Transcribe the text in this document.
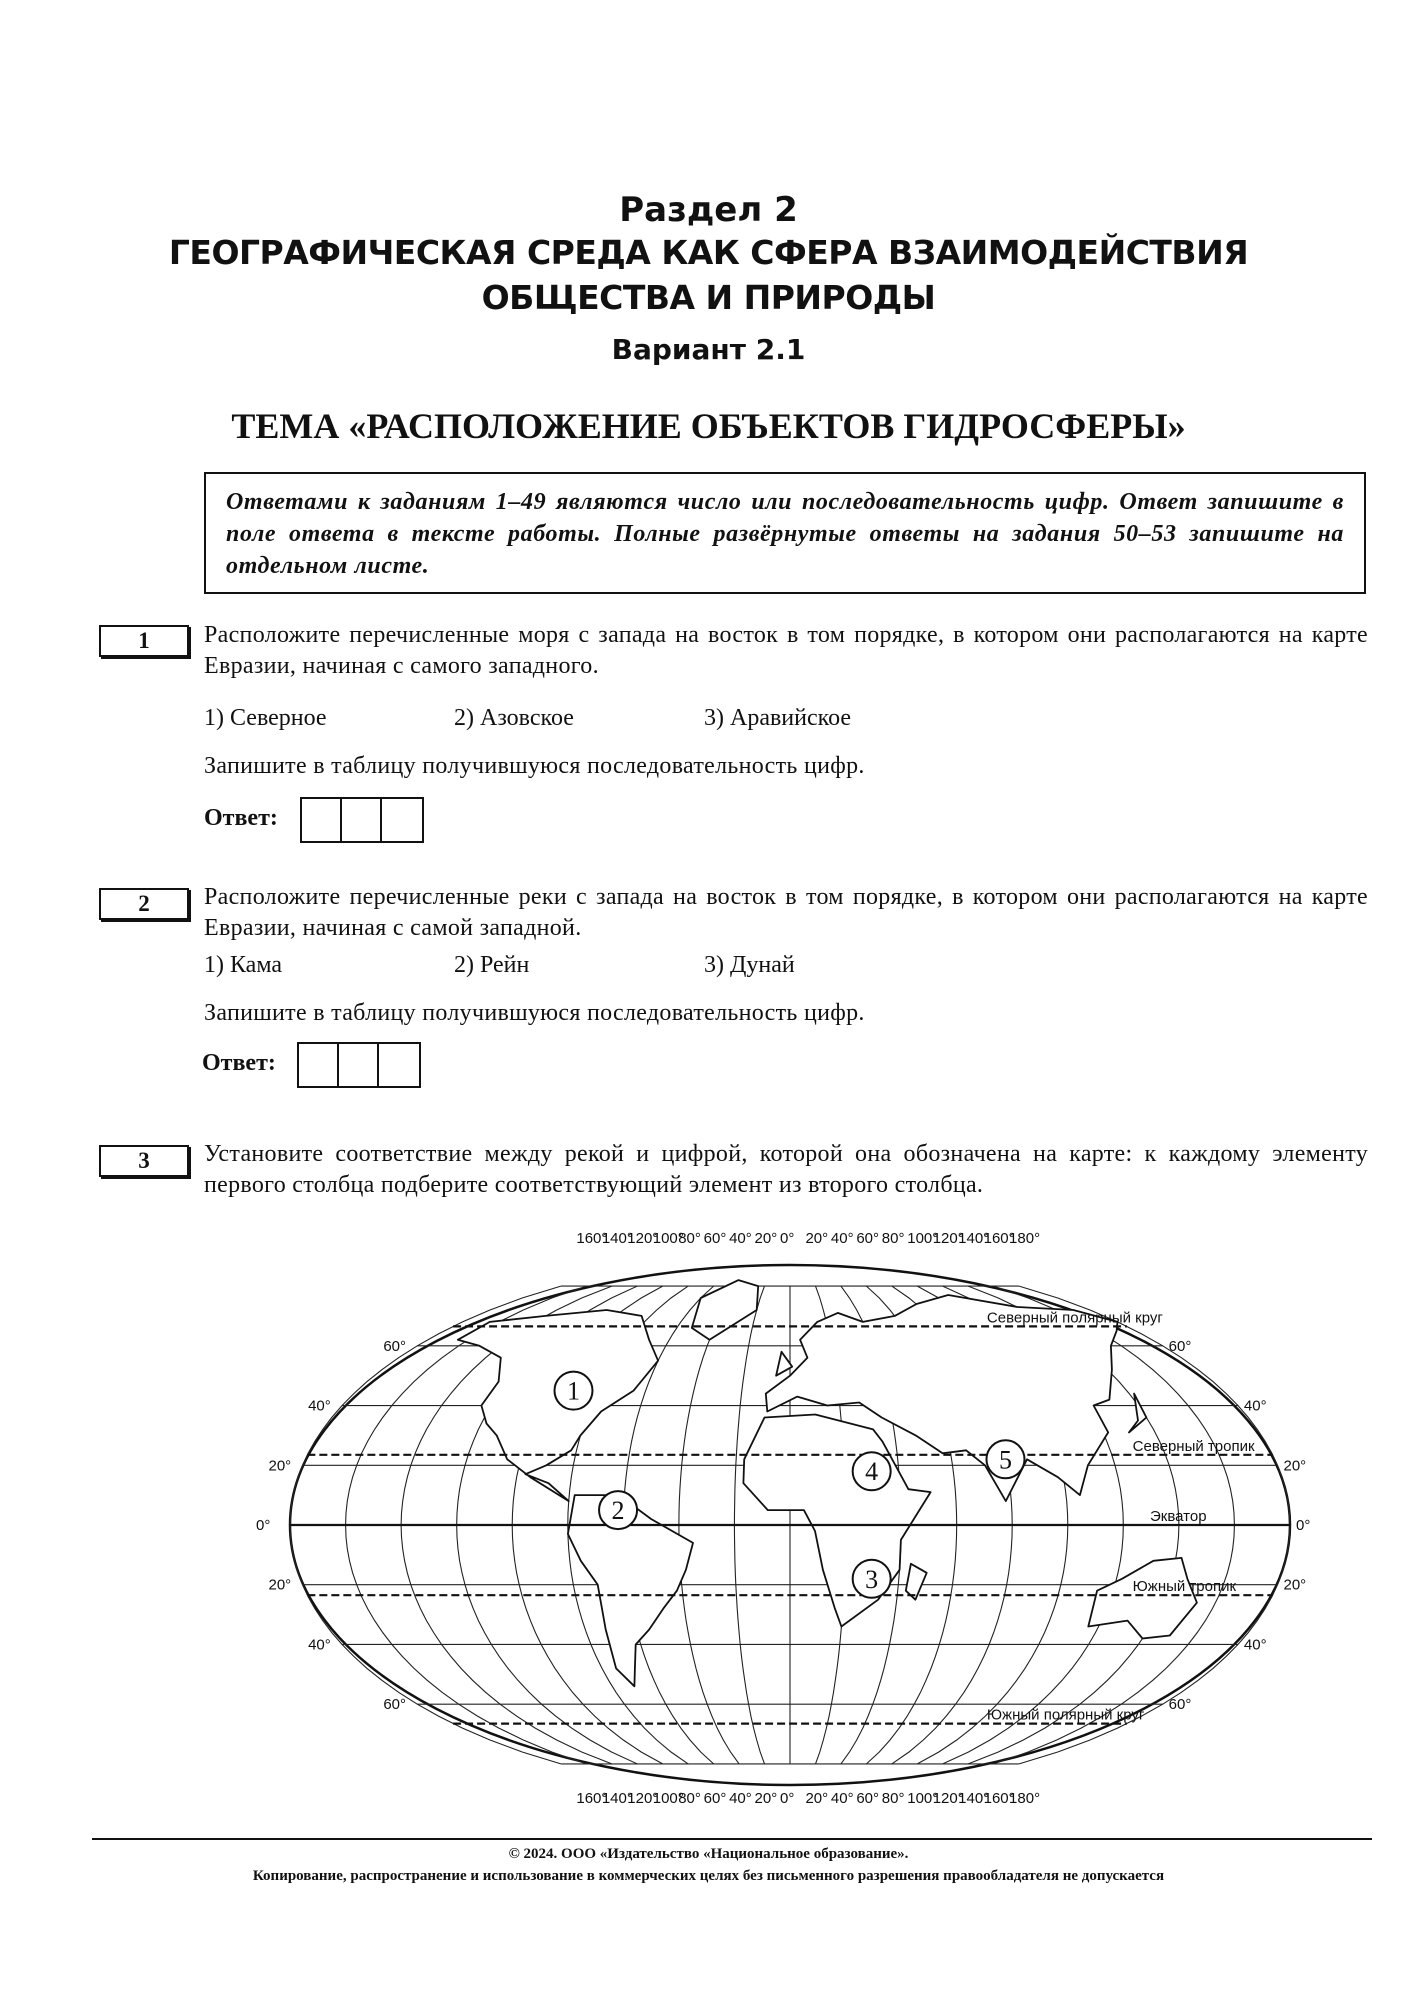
Раздел 2
ГЕОГРАФИЧЕСКАЯ СРЕДА КАК СФЕРА ВЗАИМОДЕЙСТВИЯ
ОБЩЕСТВА И ПРИРОДЫ
Вариант 2.1
ТЕМА «РАСПОЛОЖЕНИЕ ОБЪЕКТОВ ГИДРОСФЕРЫ»
Ответами к заданиям 1–49 являются число или последовательность цифр. Ответ запишите в поле ответа в тексте работы. Полные развёрнутые ответы на задания 50–53 запишите на отдельном листе.
1	Расположите перечисленные моря с запада на восток в том порядке, в котором они располагаются на карте Евразии, начиная с самого западного.
1) Северное	2) Азовское	3) Аравийское
Запишите в таблицу получившуюся последовательность цифр.
Ответ:
2	Расположите перечисленные реки с запада на восток в том порядке, в котором они располагаются на карте Евразии, начиная с самой западной.
1) Кама	2) Рейн	3) Дунай
Запишите в таблицу получившуюся последовательность цифр.
Ответ:
3	Установите соответствие между рекой и цифрой, которой она обозначена на карте: к каждому элементу первого столбца подберите соответствующий элемент из второго столбца.
Северный полярный круг
Северный тропик
Экватор
Южный тропик
Южный полярный круг
160°
140°
120°
100°
80° 60° 40° 20° 0° 20° 40° 60° 80° 100°
120°
140°
160°
180°
160°
140°
120°
100°
80° 60° 40° 20° 0° 20° 40° 60° 80° 100°
120°
140°
160°
180°
60°
40°
20°
0°
20°
40°
60°
60°
40°
20°
0°
20°
40°
60°
1
2
3
4	5
© 2024. ООО «Издательство «Национальное образование».
Копирование, распространение и использование в коммерческих целях без письменного разрешения правообладателя не допускается
